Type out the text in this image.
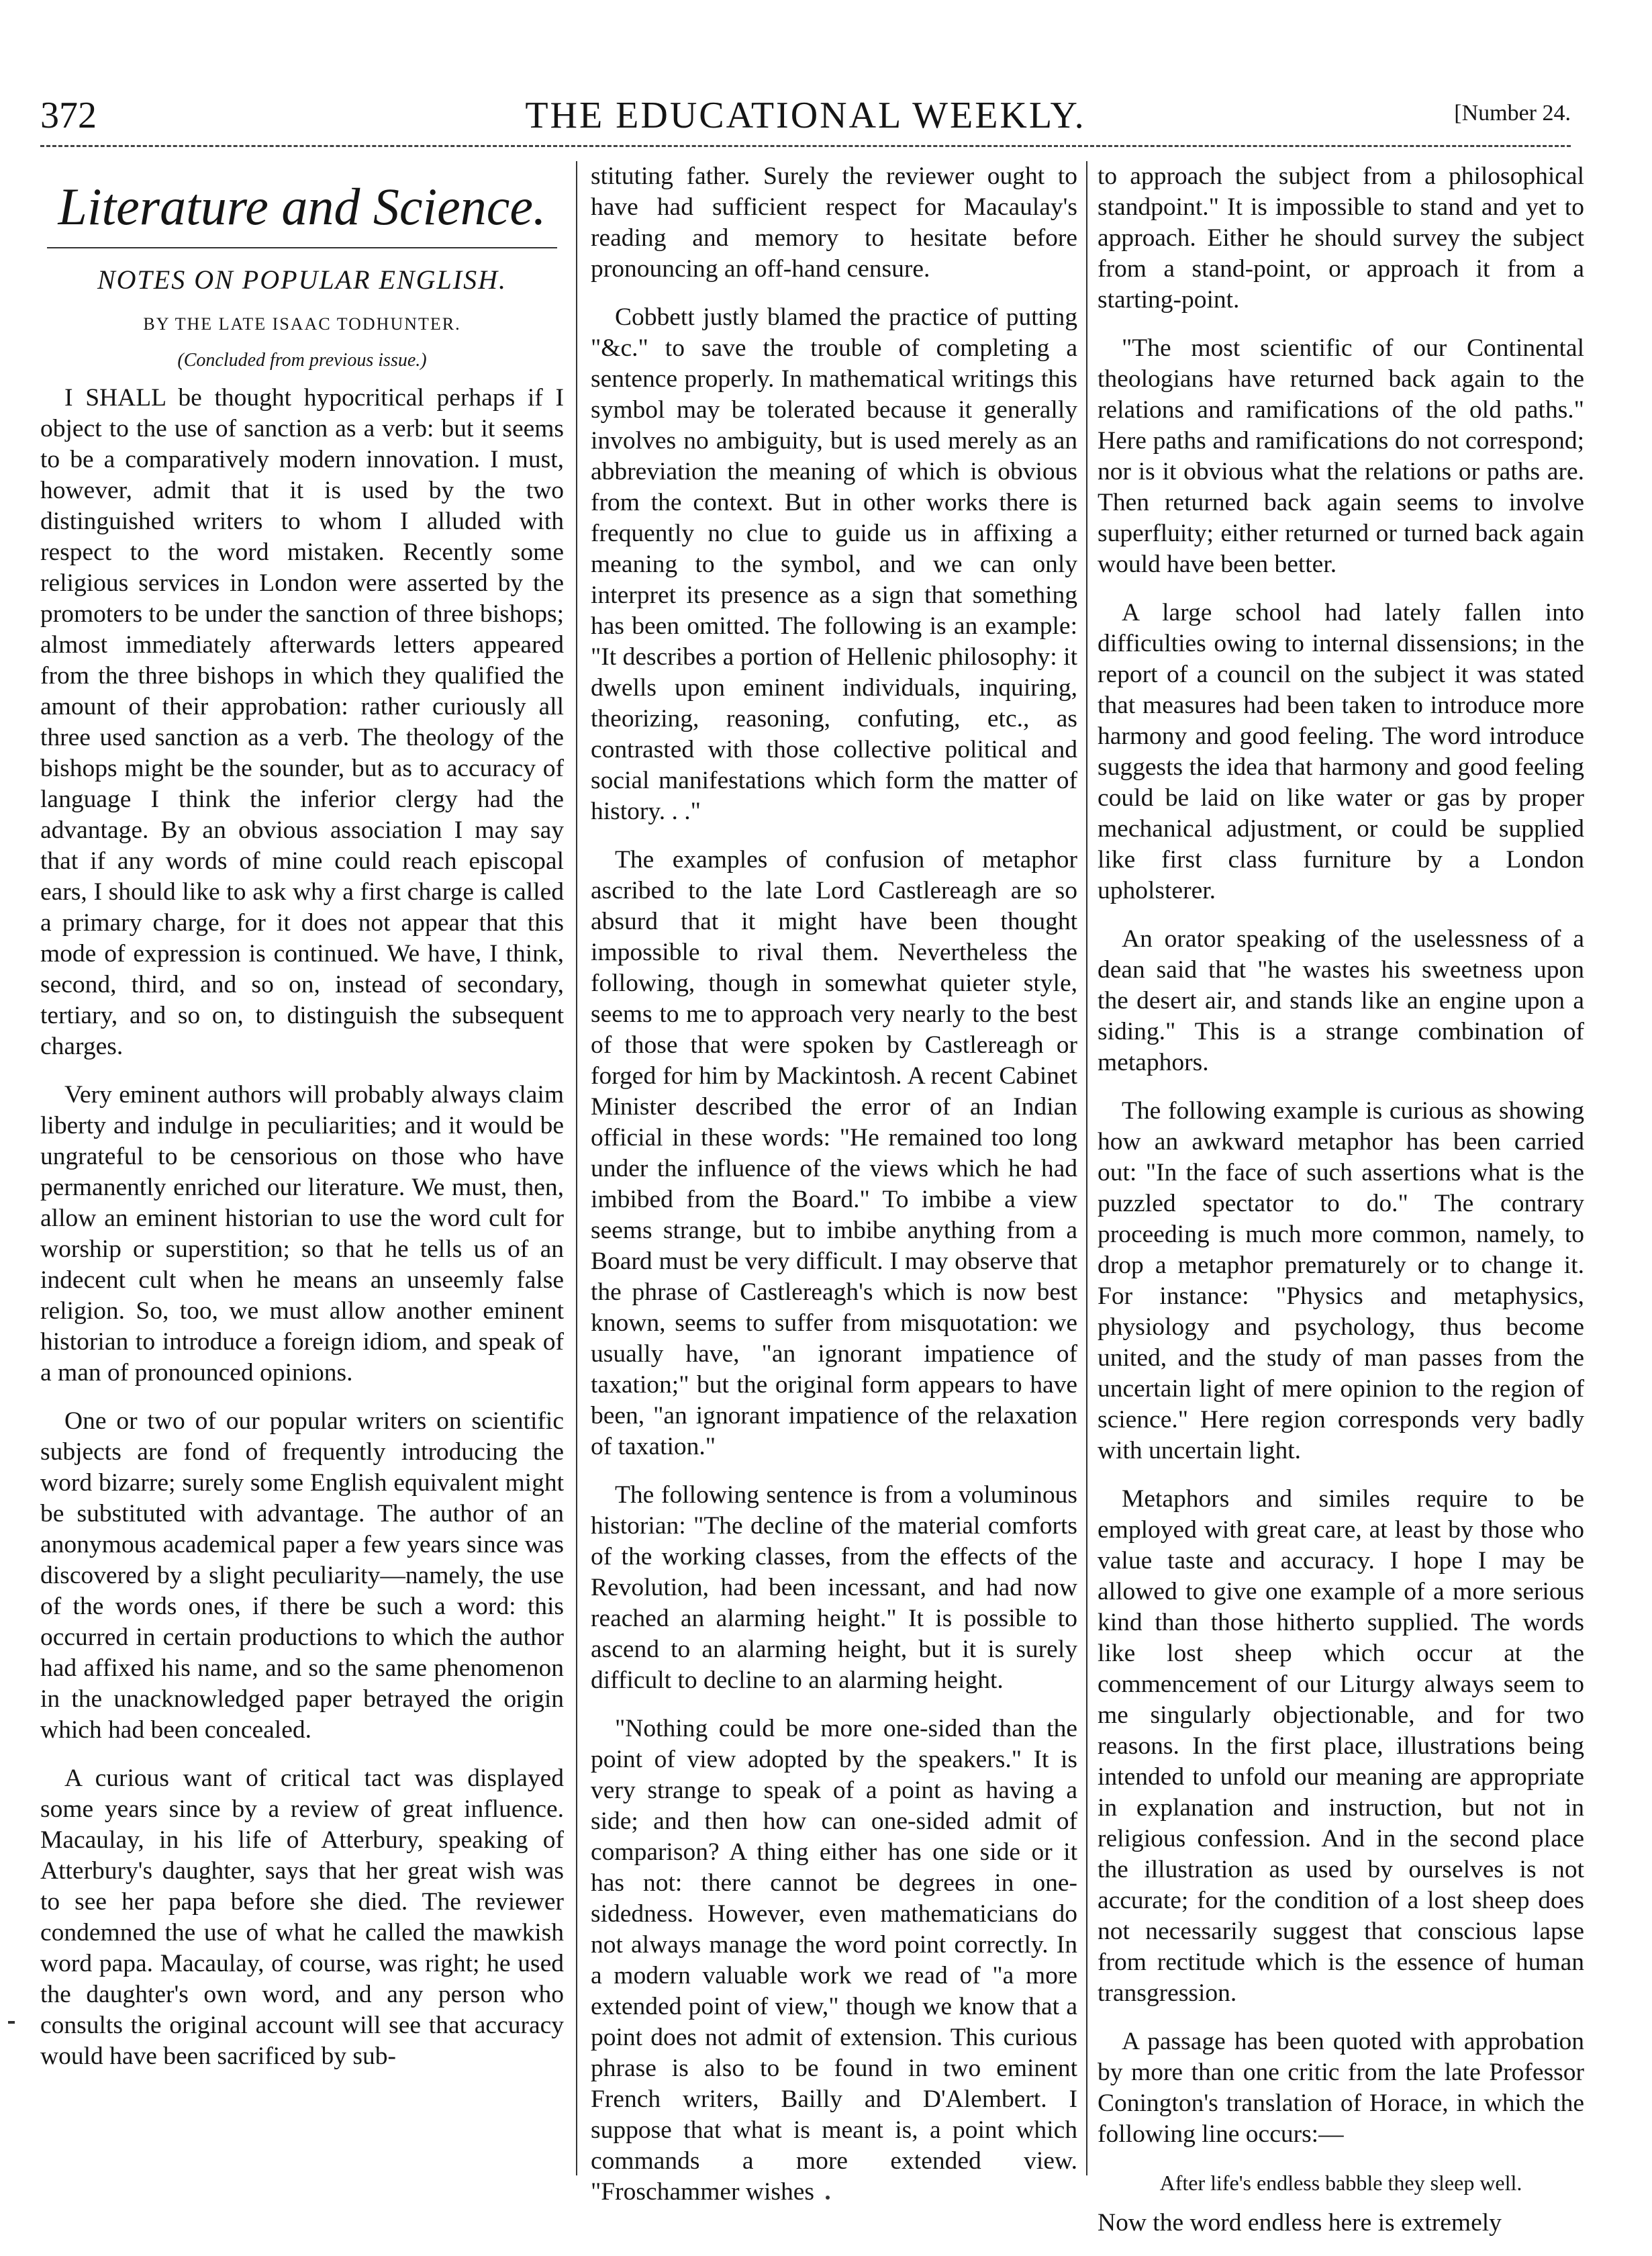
372	THE EDUCATIONAL WEEKLY.	[Number 24.
Literature and Science.
NOTES ON POPULAR ENGLISH.
BY THE LATE ISAAC TODHUNTER.
(Concluded from previous issue.)

I SHALL be thought hypocritical perhaps if I object to the use of sanction as a verb: but it seems to be a comparatively modern innovation. I must, however, admit that it is used by the two distinguished writers to whom I alluded with respect to the word mistaken. Recently some religious services in London were asserted by the promoters to be under the sanction of three bishops; almost immediately afterwards letters appeared from the three bishops in which they qualified the amount of their approbation: rather curiously all three used sanction as a verb. The theology of the bishops might be the sounder, but as to accuracy of language I think the inferior clergy had the advantage. By an obvious association I may say that if any words of mine could reach episcopal ears, I should like to ask why a first charge is called a primary charge, for it does not appear that this mode of expression is continued. We have, I think, second, third, and so on, instead of secondary, tertiary, and so on, to distinguish the subsequent charges.

Very eminent authors will probably always claim liberty and indulge in peculiarities; and it would be ungrateful to be censorious on those who have permanently enriched our literature. We must, then, allow an eminent historian to use the word cult for worship or superstition; so that he tells us of an indecent cult when he means an unseemly false religion. So, too, we must allow another eminent historian to introduce a foreign idiom, and speak of a man of pronounced opinions.

One or two of our popular writers on scientific subjects are fond of frequently introducing the word bizarre; surely some English equivalent might be substituted with advantage. The author of an anonymous academical paper a few years since was discovered by a slight peculiarity—namely, the use of the words ones, if there be such a word: this occurred in certain productions to which the author had affixed his name, and so the same phenomenon in the unacknowledged paper betrayed the origin which had been concealed.

A curious want of critical tact was displayed some years since by a review of great influence. Macaulay, in his life of Atterbury, speaking of Atterbury's daughter, says that her great wish was to see her papa before she died. The reviewer condemned the use of what he called the mawkish word papa. Macaulay, of course, was right; he used the daughter's own word, and any person who consults the original account will see that accuracy would have been sacrificed by sub-

stituting father. Surely the reviewer ought to have had sufficient respect for Macaulay's reading and memory to hesitate before pronouncing an off-hand censure.

Cobbett justly blamed the practice of putting "&c." to save the trouble of completing a sentence properly. In mathematical writings this symbol may be tolerated because it generally involves no ambiguity, but is used merely as an abbreviation the meaning of which is obvious from the context. But in other works there is frequently no clue to guide us in affixing a meaning to the symbol, and we can only interpret its presence as a sign that something has been omitted. The following is an example: "It describes a portion of Hellenic philosophy: it dwells upon eminent individuals, inquiring, theorizing, reasoning, confuting, etc., as contrasted with those collective political and social manifestations which form the matter of history. . ."

The examples of confusion of metaphor ascribed to the late Lord Castlereagh are so absurd that it might have been thought impossible to rival them. Nevertheless the following, though in somewhat quieter style, seems to me to approach very nearly to the best of those that were spoken by Castlereagh or forged for him by Mackintosh. A recent Cabinet Minister described the error of an Indian official in these words: "He remained too long under the influence of the views which he had imbibed from the Board." To imbibe a view seems strange, but to imbibe anything from a Board must be very difficult. I may observe that the phrase of Castlereagh's which is now best known, seems to suffer from misquotation: we usually have, "an ignorant impatience of taxation;" but the original form appears to have been, "an ignorant impatience of the relaxation of taxation."

The following sentence is from a voluminous historian: "The decline of the material comforts of the working classes, from the effects of the Revolution, had been incessant, and had now reached an alarming height." It is possible to ascend to an alarming height, but it is surely difficult to decline to an alarming height.

"Nothing could be more one-sided than the point of view adopted by the speakers." It is very strange to speak of a point as having a side; and then how can one-sided admit of comparison? A thing either has one side or it has not: there cannot be degrees in one-sidedness. However, even mathematicians do not always manage the word point correctly. In a modern valuable work we read of "a more extended point of view," though we know that a point does not admit of extension. This curious phrase is also to be found in two eminent French writers, Bailly and D'Alembert. I suppose that what is meant is, a point which commands a more extended view. "Froschammer wishes

to approach the subject from a philosophical standpoint." It is impossible to stand and yet to approach. Either he should survey the subject from a stand-point, or approach it from a starting-point.

"The most scientific of our Continental theologians have returned back again to the relations and ramifications of the old paths." Here paths and ramifications do not correspond; nor is it obvious what the relations or paths are. Then returned back again seems to involve superfluity; either returned or turned back again would have been better.

A large school had lately fallen into difficulties owing to internal dissensions; in the report of a council on the subject it was stated that measures had been taken to introduce more harmony and good feeling. The word introduce suggests the idea that harmony and good feeling could be laid on like water or gas by proper mechanical adjustment, or could be supplied like first class furniture by a London upholsterer.

An orator speaking of the uselessness of a dean said that "he wastes his sweetness upon the desert air, and stands like an engine upon a siding." This is a strange combination of metaphors.

The following example is curious as showing how an awkward metaphor has been carried out: "In the face of such assertions what is the puzzled spectator to do." The contrary proceeding is much more common, namely, to drop a metaphor prematurely or to change it. For instance: "Physics and metaphysics, physiology and psychology, thus become united, and the study of man passes from the uncertain light of mere opinion to the region of science." Here region corresponds very badly with uncertain light.

Metaphors and similes require to be employed with great care, at least by those who value taste and accuracy. I hope I may be allowed to give one example of a more serious kind than those hitherto supplied. The words like lost sheep which occur at the commencement of our Liturgy always seem to me singularly objectionable, and for two reasons. In the first place, illustrations being intended to unfold our meaning are appropriate in explanation and instruction, but not in religious confession. And in the second place the illustration as used by ourselves is not accurate; for the condition of a lost sheep does not necessarily suggest that conscious lapse from rectitude which is the essence of human transgression.

A passage has been quoted with approbation by more than one critic from the late Professor Conington's translation of Horace, in which the following line occurs:—

After life's endless babble they sleep well.

Now the word endless here is extremely
